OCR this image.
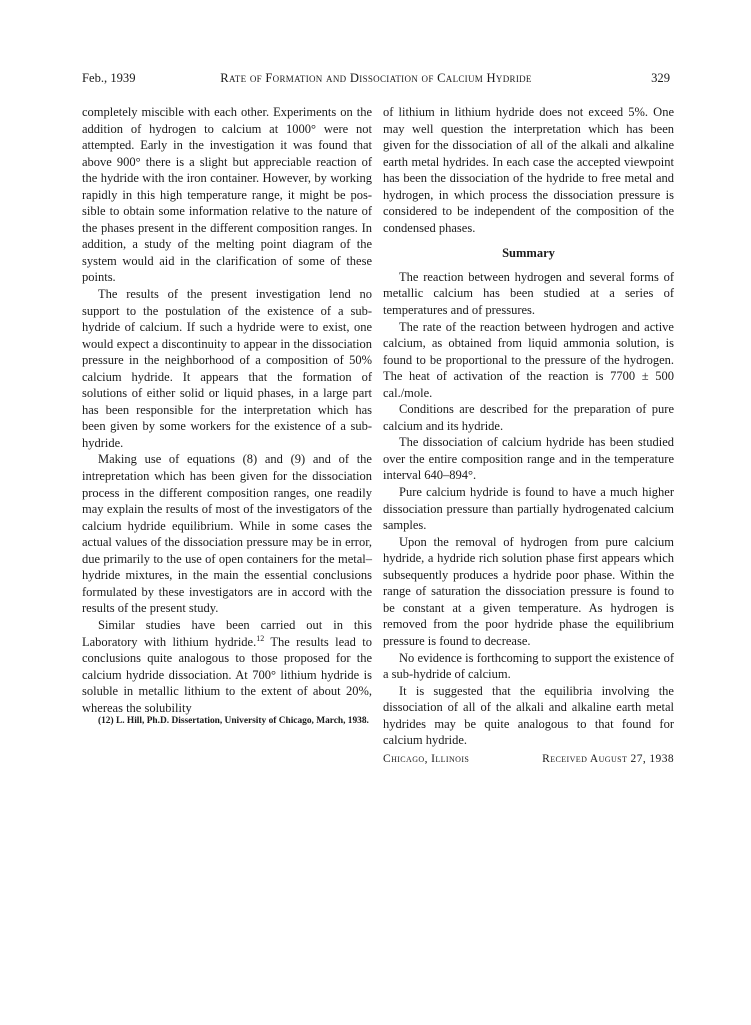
Feb., 1939	Rate of Formation and Dissociation of Calcium Hydride	329

completely miscible with each other. Experiments on the addition of hydrogen to calcium at 1000° were not attempted. Early in the investigation it was found that above 900° there is a slight but appreciable reaction of the hydride with the iron container. However, by working rapidly in this high temperature range, it might be possible to obtain some information relative to the nature of the phases present in the different composition ranges. In addition, a study of the melting point diagram of the system would aid in the clarification of some of these points.

The results of the present investigation lend no support to the postulation of the existence of a sub-hydride of calcium. If such a hydride were to exist, one would expect a discontinuity to appear in the dissociation pressure in the neighborhood of a composition of 50% calcium hydride. It appears that the formation of solutions of either solid or liquid phases, in a large part has been responsible for the interpretation which has been given by some workers for the existence of a subhydride.

Making use of equations (8) and (9) and of the intrepretation which has been given for the dissociation process in the different composition ranges, one readily may explain the results of most of the investigators of the calcium hydride equilibrium. While in some cases the actual values of the dissociation pressure may be in error, due primarily to the use of open containers for the metal–hydride mixtures, in the main the essential conclusions formulated by these investigators are in accord with the results of the present study.

Similar studies have been carried out in this Laboratory with lithium hydride.$^{12}$ The results lead to conclusions quite analogous to those proposed for the calcium hydride dissociation. At 700° lithium hydride is soluble in metallic lithium to the extent of about 20%, whereas the solubility

(12) L. Hill, Ph.D. Dissertation, University of Chicago, March, 1938.

of lithium in lithium hydride does not exceed 5%. One may well question the interpretation which has been given for the dissociation of all of the alkali and alkaline earth metal hydrides. In each case the accepted viewpoint has been the dissociation of the hydride to free metal and hydrogen, in which process the dissociation pressure is considered to be independent of the composition of the condensed phases.

Summary

The reaction between hydrogen and several forms of metallic calcium has been studied at a series of temperatures and of pressures.

The rate of the reaction between hydrogen and active calcium, as obtained from liquid ammonia solution, is found to be proportional to the pressure of the hydrogen. The heat of activation of the reaction is 7700 ± 500 cal./mole.

Conditions are described for the preparation of pure calcium and its hydride.

The dissociation of calcium hydride has been studied over the entire composition range and in the temperature interval 640–894°.

Pure calcium hydride is found to have a much higher dissociation pressure than partially hydrogenated calcium samples.

Upon the removal of hydrogen from pure calcium hydride, a hydride rich solution phase first appears which subsequently produces a hydride poor phase. Within the range of saturation the dissociation pressure is found to be constant at a given temperature. As hydrogen is removed from the poor hydride phase the equilibrium pressure is found to decrease.

No evidence is forthcoming to support the existence of a sub-hydride of calcium.

It is suggested that the equilibria involving the dissociation of all of the alkali and alkaline earth metal hydrides may be quite analogous to that found for calcium hydride.

Chicago, Illinois	Received August 27, 1938
